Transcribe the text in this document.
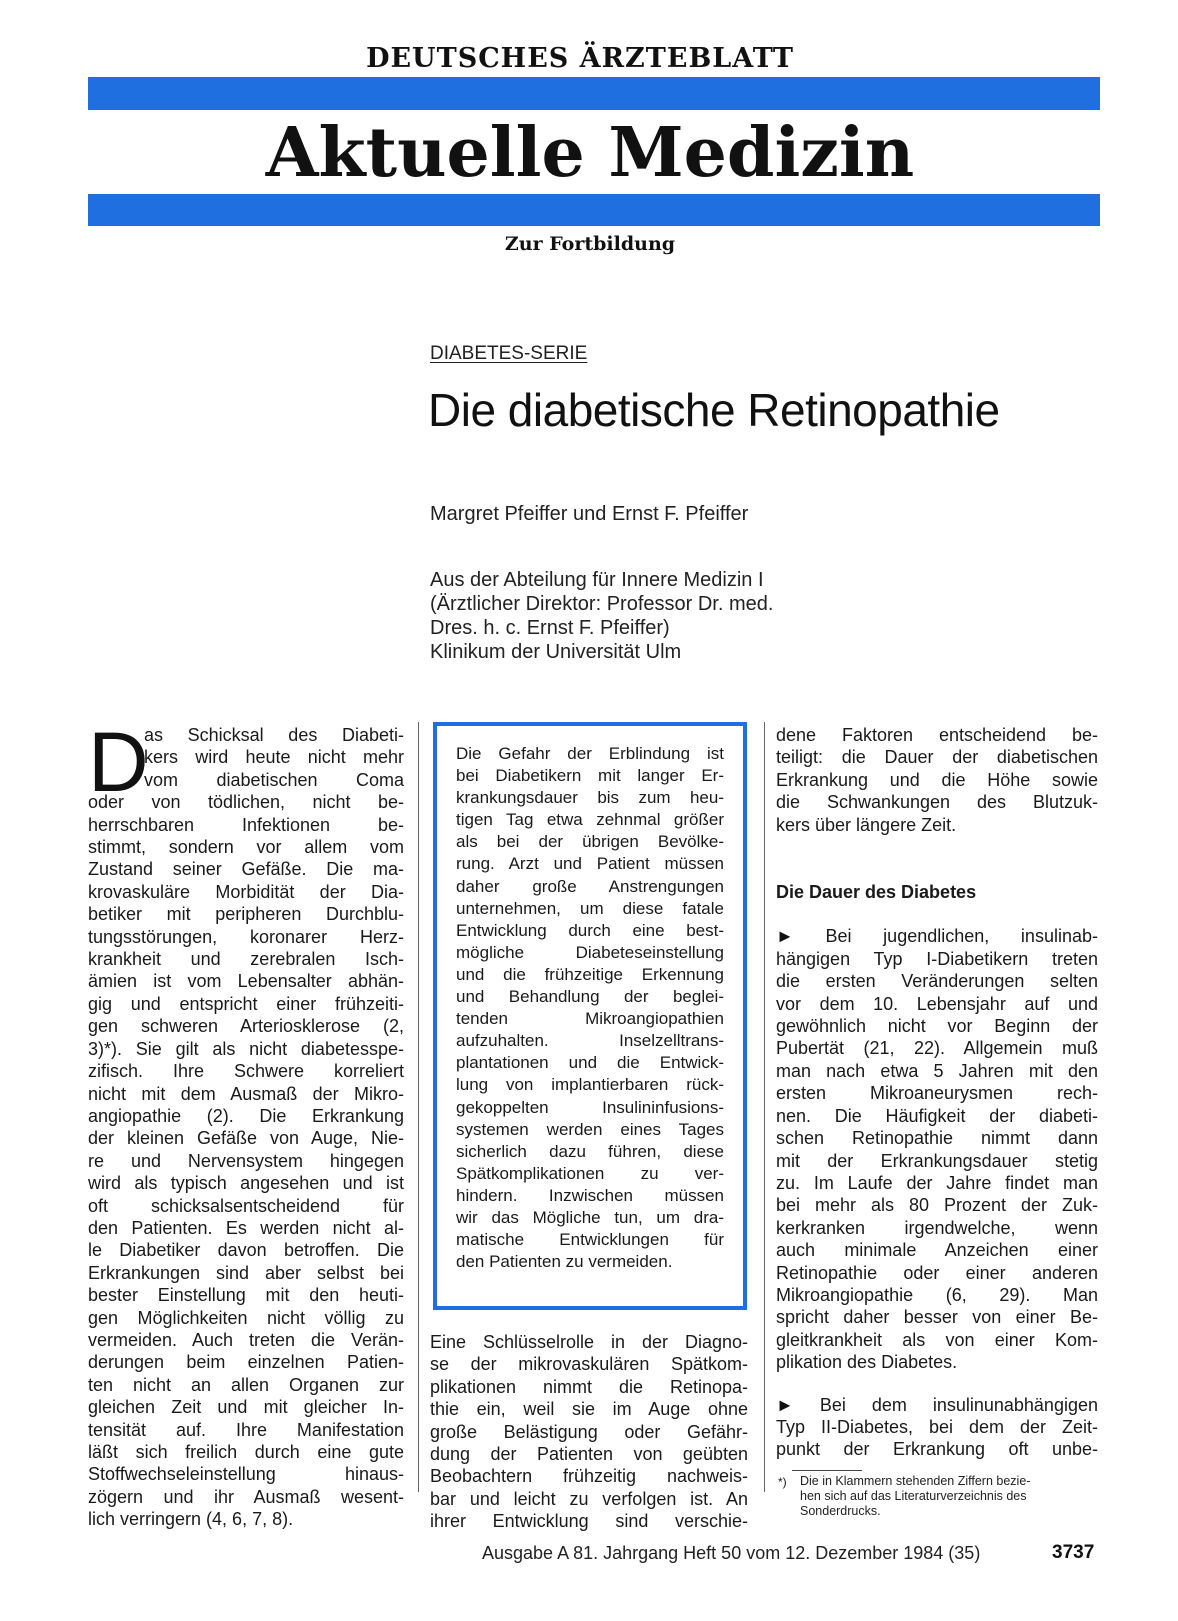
DEUTSCHES ÄRZTEBLATT
Aktuelle Medizin
Zur Fortbildung
DIABETES-SERIE
Die diabetische Retinopathie
Margret Pfeiffer und Ernst F. Pfeiffer
Aus der Abteilung für Innere Medizin I
(Ärztlicher Direktor: Professor Dr. med.
Dres. h. c. Ernst F. Pfeiffer)
Klinikum der Universität Ulm
D
as Schicksal des Diabeti-
kers wird heute nicht mehr
vom diabetischen Coma
oder von tödlichen, nicht be-
herrschbaren Infektionen be-
stimmt, sondern vor allem vom
Zustand seiner Gefäße. Die ma-
krovaskuläre Morbidität der Dia-
betiker mit peripheren Durchblu-
tungsstörungen, koronarer Herz-
krankheit und zerebralen Isch-
ämien ist vom Lebensalter abhän-
gig und entspricht einer frühzeiti-
gen schweren Arteriosklerose (2,
3)*). Sie gilt als nicht diabetesspe-
zifisch. Ihre Schwere korreliert
nicht mit dem Ausmaß der Mikro-
angiopathie (2). Die Erkrankung
der kleinen Gefäße von Auge, Nie-
re und Nervensystem hingegen
wird als typisch angesehen und ist
oft schicksalsentscheidend für
den Patienten. Es werden nicht al-
le Diabetiker davon betroffen. Die
Erkrankungen sind aber selbst bei
bester Einstellung mit den heuti-
gen Möglichkeiten nicht völlig zu
vermeiden. Auch treten die Verän-
derungen beim einzelnen Patien-
ten nicht an allen Organen zur
gleichen Zeit und mit gleicher In-
tensität auf. Ihre Manifestation
läßt sich freilich durch eine gute
Stoffwechseleinstellung hinaus-
zögern und ihr Ausmaß wesent-
lich verringern (4, 6, 7, 8).
Die Gefahr der Erblindung ist
bei Diabetikern mit langer Er-
krankungsdauer bis zum heu-
tigen Tag etwa zehnmal größer
als bei der übrigen Bevölke-
rung. Arzt und Patient müssen
daher große Anstrengungen
unternehmen, um diese fatale
Entwicklung durch eine best-
mögliche Diabeteseinstellung
und die frühzeitige Erkennung
und Behandlung der beglei-
tenden Mikroangiopathien
aufzuhalten. Inselzelltrans-
plantationen und die Entwick-
lung von implantierbaren rück-
gekoppelten Insulininfusions-
systemen werden eines Tages
sicherlich dazu führen, diese
Spätkomplikationen zu ver-
hindern. Inzwischen müssen
wir das Mögliche tun, um dra-
matische Entwicklungen für
den Patienten zu vermeiden.
Eine Schlüsselrolle in der Diagno-
se der mikrovaskulären Spätkom-
plikationen nimmt die Retinopa-
thie ein, weil sie im Auge ohne
große Belästigung oder Gefähr-
dung der Patienten von geübten
Beobachtern frühzeitig nachweis-
bar und leicht zu verfolgen ist. An
ihrer Entwicklung sind verschie-
dene Faktoren entscheidend be-
teiligt: die Dauer der diabetischen
Erkrankung und die Höhe sowie
die Schwankungen des Blutzuk-
kers über längere Zeit.
Die Dauer des Diabetes
► Bei jugendlichen, insulinab-
hängigen Typ I-Diabetikern treten
die ersten Veränderungen selten
vor dem 10. Lebensjahr auf und
gewöhnlich nicht vor Beginn der
Pubertät (21, 22). Allgemein muß
man nach etwa 5 Jahren mit den
ersten Mikroaneurysmen rech-
nen. Die Häufigkeit der diabeti-
schen Retinopathie nimmt dann
mit der Erkrankungsdauer stetig
zu. Im Laufe der Jahre findet man
bei mehr als 80 Prozent der Zuk-
kerkranken irgendwelche, wenn
auch minimale Anzeichen einer
Retinopathie oder einer anderen
Mikroangiopathie (6, 29). Man
spricht daher besser von einer Be-
gleitkrankheit als von einer Kom-
plikation des Diabetes.
► Bei dem insulinunabhängigen
Typ II-Diabetes, bei dem der Zeit-
punkt der Erkrankung oft unbe-
*) Die in Klammern stehenden Ziffern bezie-
hen sich auf das Literaturverzeichnis des
Sonderdrucks.
Ausgabe A 81. Jahrgang Heft 50 vom 12. Dezember 1984 (35)	3737
